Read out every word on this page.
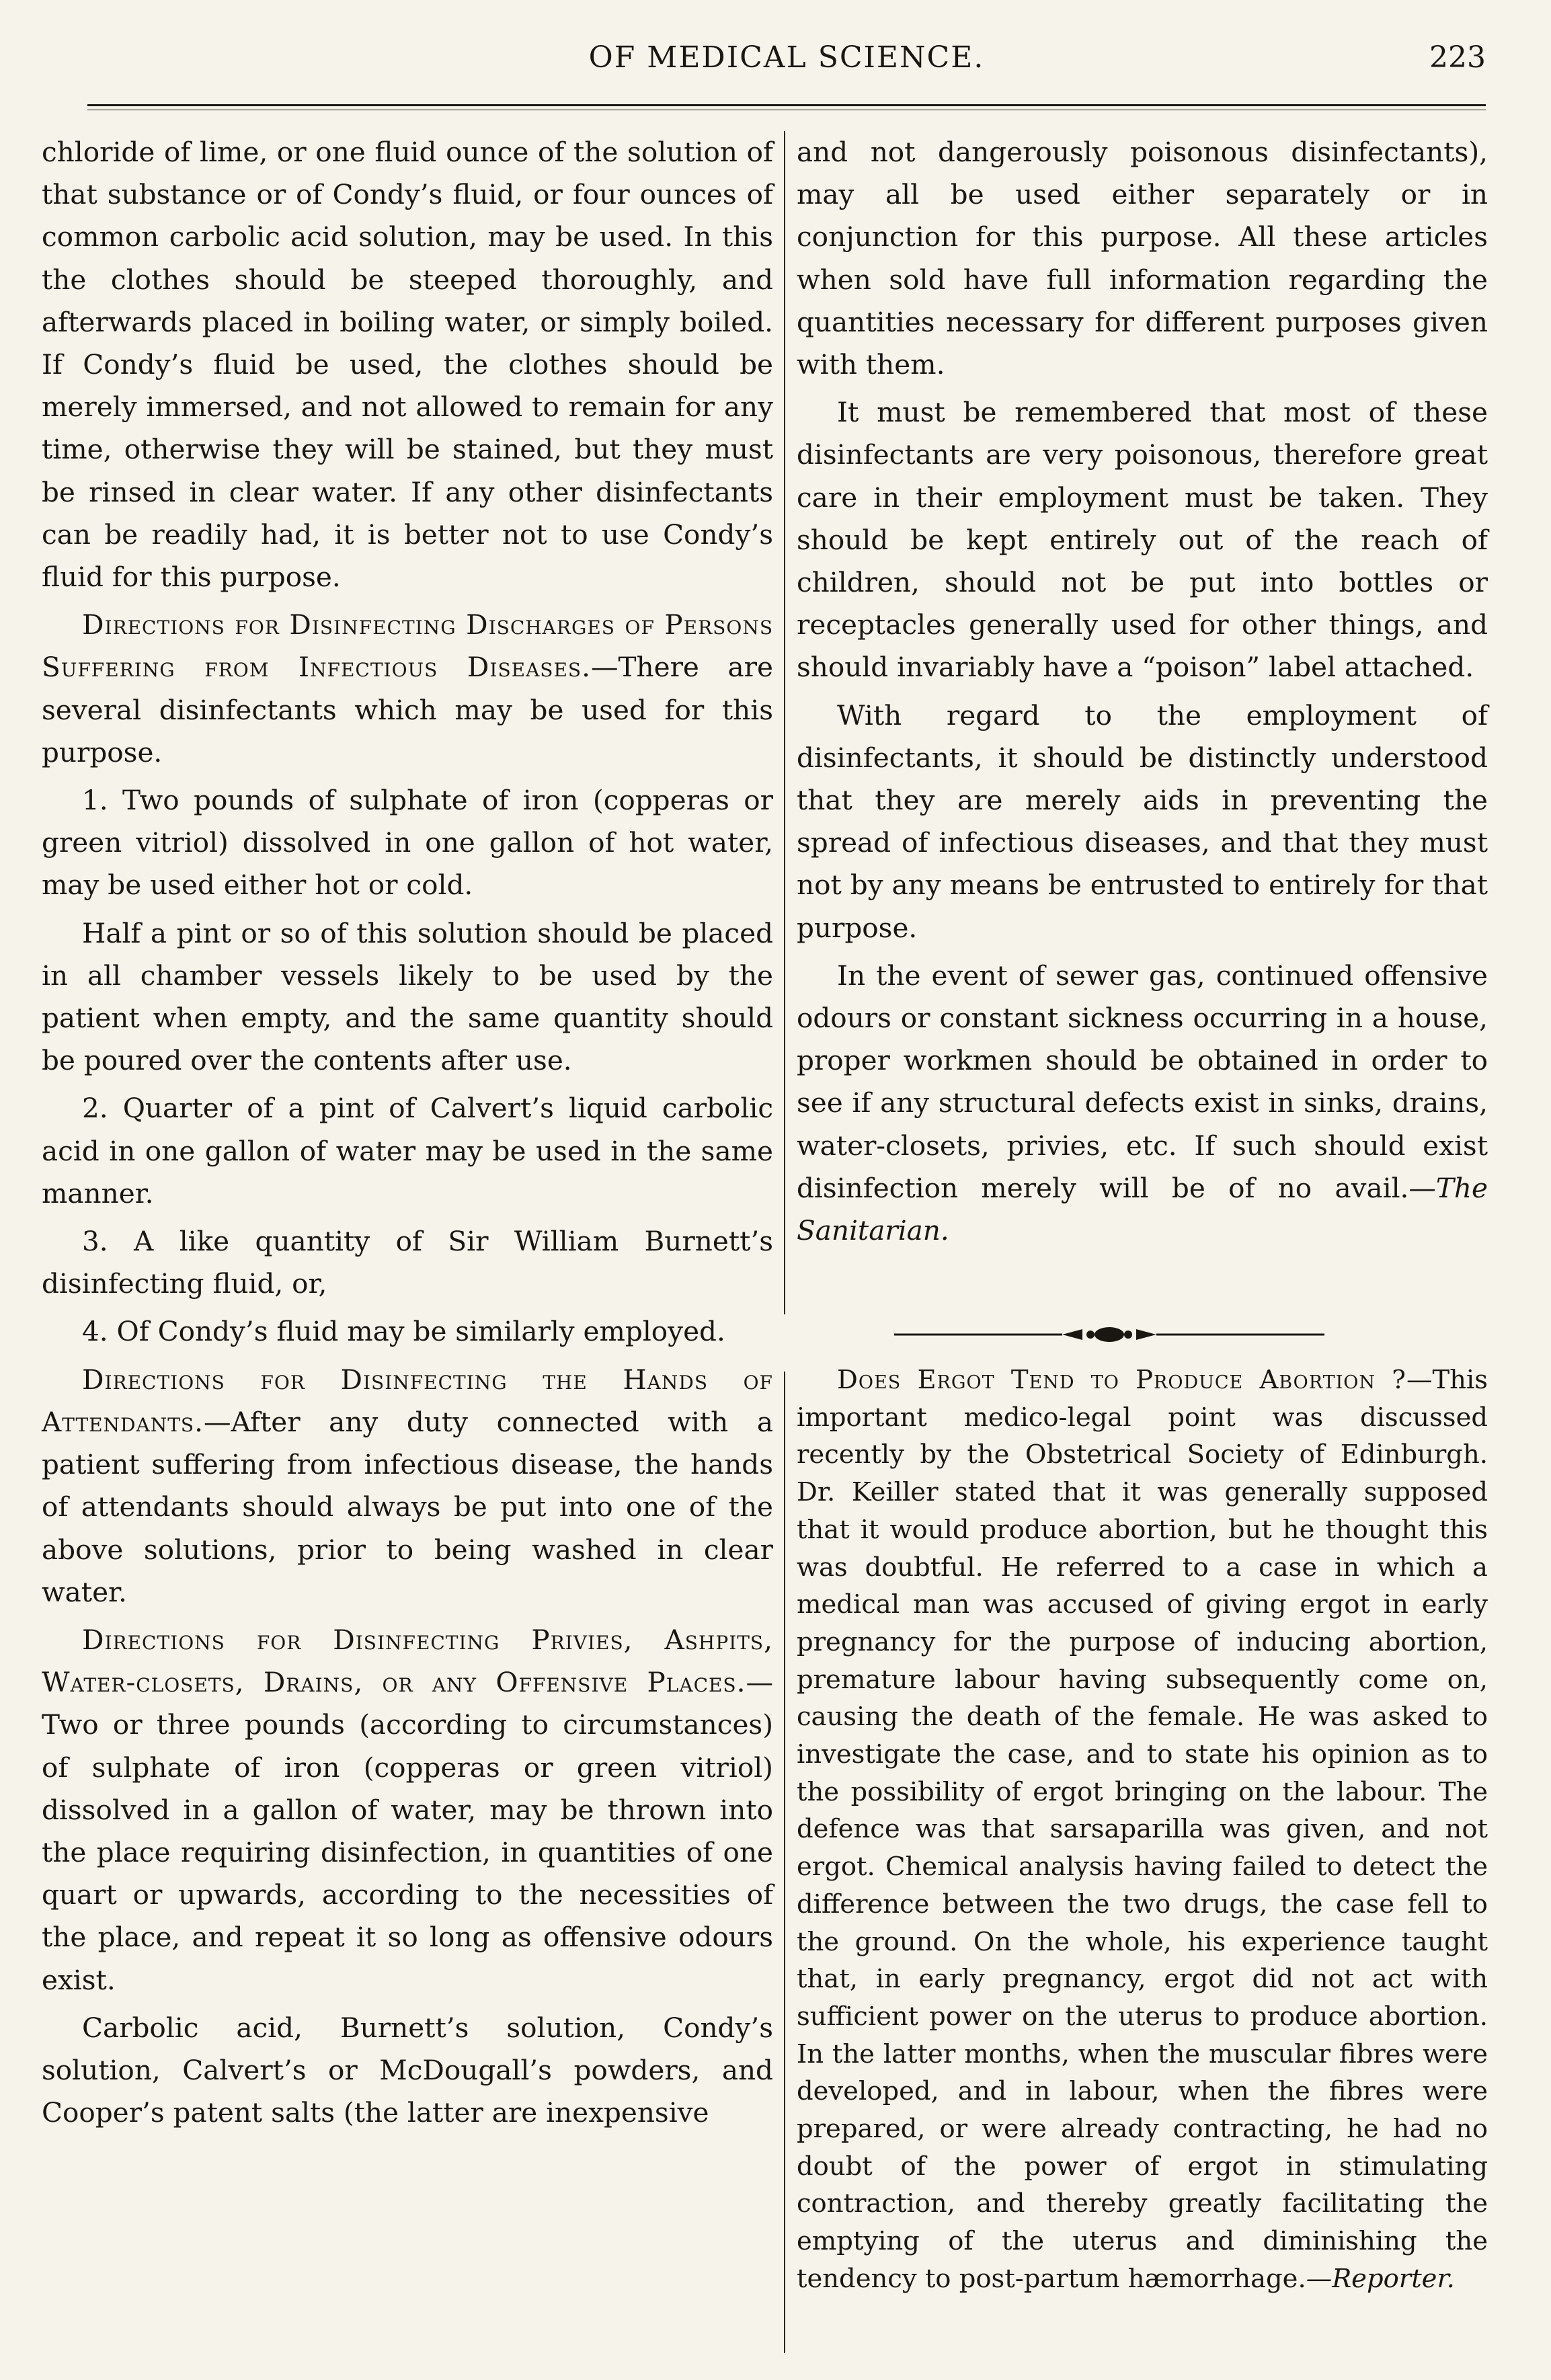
OF MEDICAL SCIENCE.	223

chloride of lime, or one fluid ounce of the solution of that substance or of Condy’s fluid, or four ounces of common carbolic acid solution, may be used. In this the clothes should be steeped thoroughly, and afterwards placed in boiling water, or simply boiled. If Condy’s fluid be used, the clothes should be merely immersed, and not allowed to remain for any time, otherwise they will be stained, but they must be rinsed in clear water. If any other disinfectants can be readily had, it is better not to use Condy’s fluid for this purpose.

Directions for Disinfecting Discharges of Persons Suffering from Infectious Diseases.—There are several disinfectants which may be used for this purpose.

1. Two pounds of sulphate of iron (copperas or green vitriol) dissolved in one gallon of hot water, may be used either hot or cold.

Half a pint or so of this solution should be placed in all chamber vessels likely to be used by the patient when empty, and the same quantity should be poured over the contents after use.

2. Quarter of a pint of Calvert’s liquid carbolic acid in one gallon of water may be used in the same manner.

3. A like quantity of Sir William Burnett’s disinfecting fluid, or,

4. Of Condy’s fluid may be similarly employed.

Directions for Disinfecting the Hands of Attendants.—After any duty connected with a patient suffering from infectious disease, the hands of attendants should always be put into one of the above solutions, prior to being washed in clear water.

Directions for Disinfecting Privies, Ashpits, Water-closets, Drains, or any Offensive Places.—Two or three pounds (according to circumstances) of sulphate of iron (copperas or green vitriol) dissolved in a gallon of water, may be thrown into the place requiring disinfection, in quantities of one quart or upwards, according to the necessities of the place, and repeat it so long as offensive odours exist.

Carbolic acid, Burnett’s solution, Condy’s solution, Calvert’s or McDougall’s powders, and Cooper’s patent salts (the latter are inexpensive

and not dangerously poisonous disinfectants), may all be used either separately or in conjunction for this purpose. All these articles when sold have full information regarding the quantities necessary for different purposes given with them.

It must be remembered that most of these disinfectants are very poisonous, therefore great care in their employment must be taken. They should be kept entirely out of the reach of children, should not be put into bottles or receptacles generally used for other things, and should invariably have a “poison” label attached.

With regard to the employment of disinfectants, it should be distinctly understood that they are merely aids in preventing the spread of infectious diseases, and that they must not by any means be entrusted to entirely for that purpose.

In the event of sewer gas, continued offensive odours or constant sickness occurring in a house, proper workmen should be obtained in order to see if any structural defects exist in sinks, drains, water-closets, privies, etc. If such should exist disinfection merely will be of no avail.—The Sanitarian.

Does Ergot Tend to Produce Abortion ?—This important medico-legal point was discussed recently by the Obstetrical Society of Edinburgh. Dr. Keiller stated that it was generally supposed that it would produce abortion, but he thought this was doubtful. He referred to a case in which a medical man was accused of giving ergot in early pregnancy for the purpose of inducing abortion, premature labour having subsequently come on, causing the death of the female. He was asked to investigate the case, and to state his opinion as to the possibility of ergot bringing on the labour. The defence was that sarsaparilla was given, and not ergot. Chemical analysis having failed to detect the difference between the two drugs, the case fell to the ground. On the whole, his experience taught that, in early pregnancy, ergot did not act with sufficient power on the uterus to produce abortion. In the latter months, when the muscular fibres were developed, and in labour, when the fibres were prepared, or were already contracting, he had no doubt of the power of ergot in stimulating contraction, and thereby greatly facilitating the emptying of the uterus and diminishing the tendency to post-partum hæmorrhage.—Reporter.
